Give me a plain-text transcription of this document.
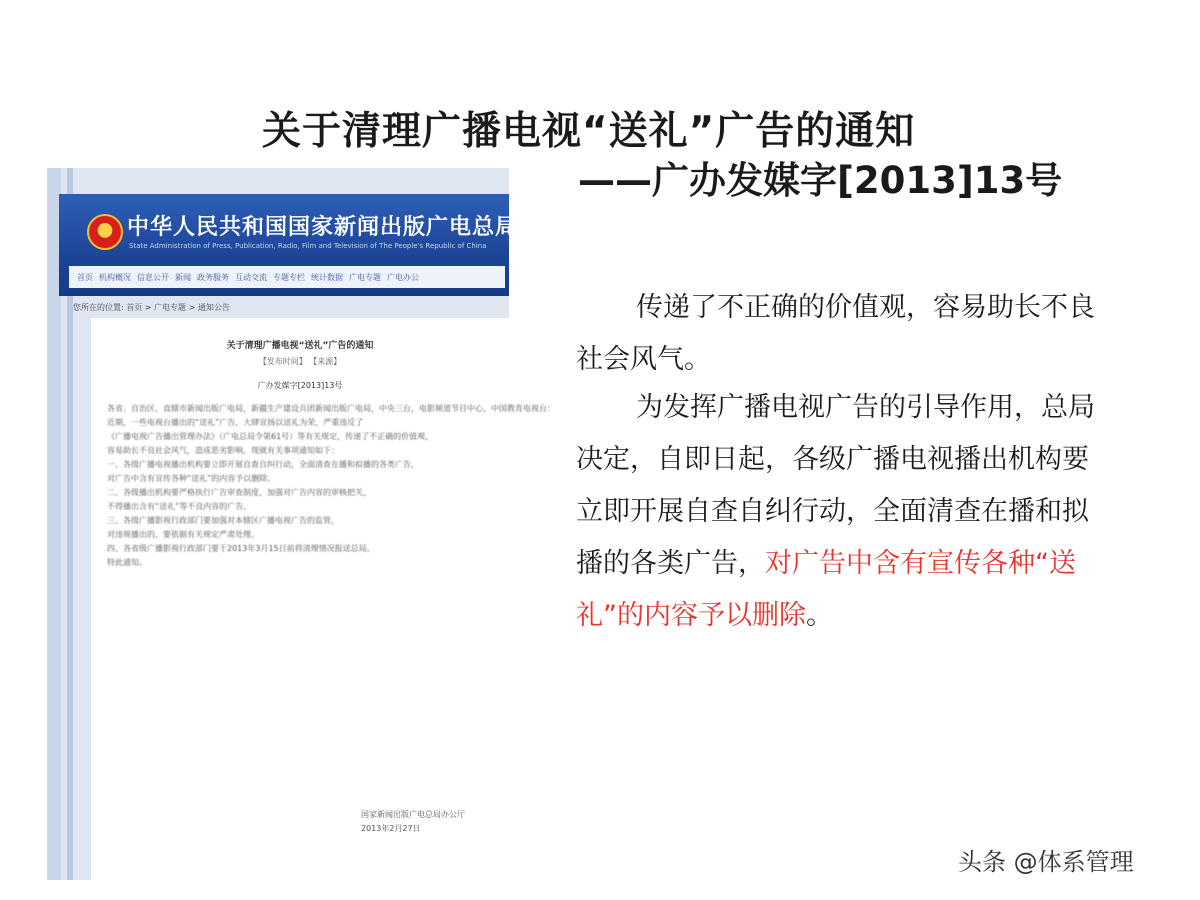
关于清理广播电视“送礼”广告的通知
——广办发媒字[2013]13号
中华人民共和国国家新闻出版广电总局
State Administration of Press, Publication, Radio, Film and Television of The People's Republic of China
首页 机构概况 信息公开 新闻 政务服务 互动交流 专题专栏 统计数据 广电专题 广电办公
您所在的位置: 首页 > 广电专题 > 通知公告
关于清理广播电视“送礼”广告的通知
【发布时间】 【来源】
广办发媒字[2013]13号
各省、自治区、直辖市新闻出版广电局，新疆生产建设兵团新闻出版广电局，中央三台，电影频道节目中心，中国教育电视台：
近期，一些电视台播出的“送礼”广告，大肆宣扬以送礼为荣，严重违反了
《广播电视广告播出管理办法》（广电总局令第61号）等有关规定，传递了不正确的价值观，
容易助长不良社会风气，造成恶劣影响。现就有关事项通知如下：
一、各级广播电视播出机构要立即开展自查自纠行动，全面清查在播和拟播的各类广告，
对广告中含有宣传各种“送礼”的内容予以删除。
二、各级播出机构要严格执行广告审查制度，加强对广告内容的审核把关，
不得播出含有“送礼”等不良内容的广告。
三、各级广播影视行政部门要加强对本辖区广播电视广告的监管，
对违规播出的，要依据有关规定严肃处理。
四、各省级广播影视行政部门要于2013年3月15日前将清理情况报送总局。
特此通知。
国家新闻出版广电总局办公厅
2013年2月27日
传递了不正确的价值观，容易助长不良社会风气。
为发挥广播电视广告的引导作用，总局决定，自即日起，各级广播电视播出机构要立即开展自查自纠行动，全面清查在播和拟播的各类广告，对广告中含有宣传各种“送礼”的内容予以删除。
头条 @体系管理
